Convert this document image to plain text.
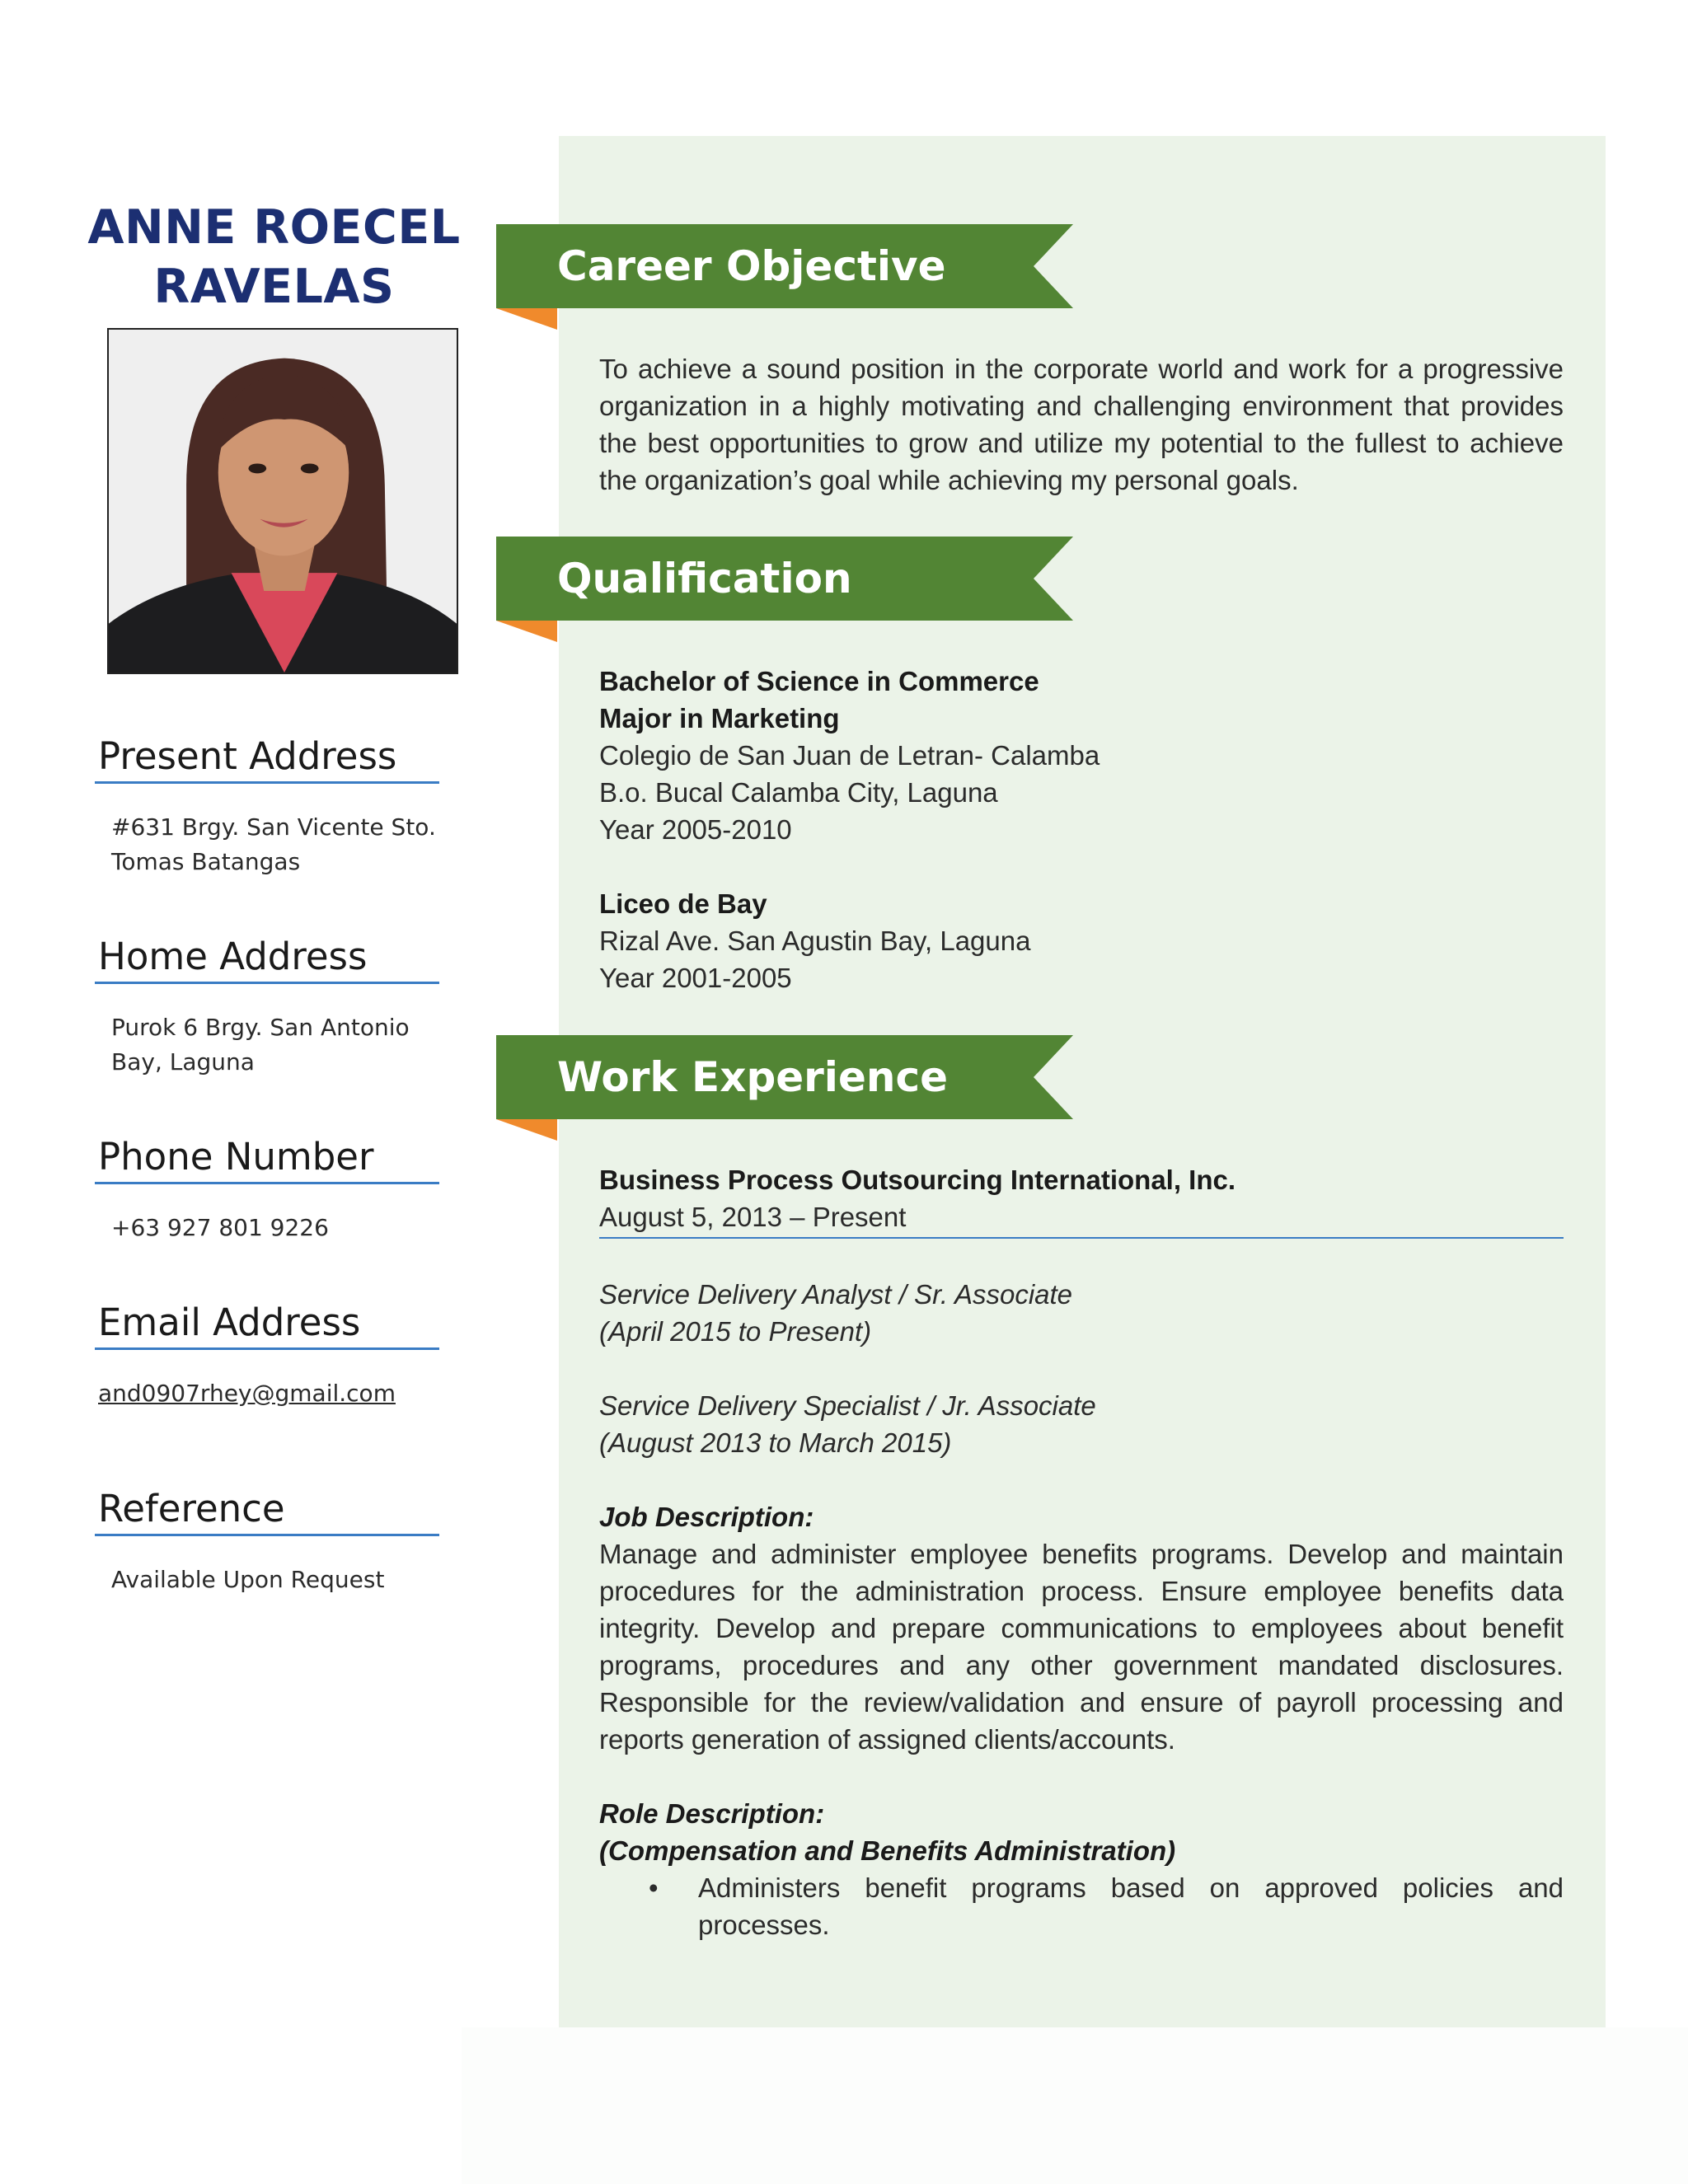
ANNE ROECEL
RAVELAS
Present Address
#631 Brgy. San Vicente Sto.
Tomas Batangas
Home Address
Purok 6 Brgy. San Antonio
Bay, Laguna
Phone Number
+63 927 801 9226
Email Address
and0907rhey@gmail.com
Reference
Available Upon Request
Career Objective
Qualification
Work Experience
To achieve a sound position in the corporate world and work for a progressive organization in a highly motivating and challenging environment that provides the best opportunities to grow and utilize my potential to the fullest to achieve the organization’s goal while achieving my personal goals.
Bachelor of Science in Commerce
Major in Marketing
Colegio de San Juan de Letran- Calamba
B.o. Bucal Calamba City, Laguna
Year 2005-2010
Liceo de Bay
Rizal Ave. San Agustin Bay, Laguna
Year 2001-2005
Business Process Outsourcing International, Inc.
August 5, 2013 – Present
Service Delivery Analyst / Sr. Associate
(April 2015 to Present)
Service Delivery Specialist / Jr. Associate
(August 2013 to March 2015)
Job Description:
Manage and administer employee benefits programs. Develop and maintain procedures for the administration process. Ensure employee benefits data integrity. Develop and prepare communications to employees about benefit programs, procedures and any other government mandated disclosures. Responsible for the review/validation and ensure of payroll processing and reports generation of assigned clients/accounts.
Role Description:
(Compensation and Benefits Administration)
• Administers benefit programs based on approved policies and processes.
